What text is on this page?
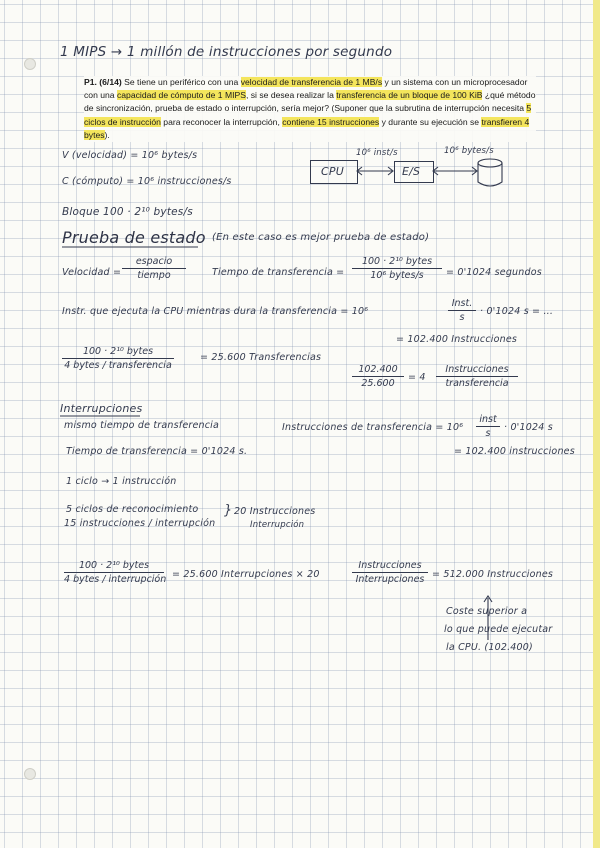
1 MIPS → 1 millón de instrucciones por segundo
P1. (6/14) Se tiene un periférico con una velocidad de transferencia de 1 MB/s y un sistema con un microprocesador con una capacidad de cómputo de 1 MIPS, si se desea realizar la transferencia de un bloque de 100 KiB ¿qué método de sincronización, prueba de estado o interrupción, sería mejor? (Suponer que la subrutina de interrupción necesita 5 ciclos de instrucción para reconocer la interrupción, contiene 15 instrucciones y durante su ejecución se transfieren 4 bytes).
V (velocidad) = 10⁶ bytes/s
C (cómputo) = 10⁶ instrucciones/s
Bloque 100 · 2¹⁰ bytes/s
10⁶ inst/s	10⁶ bytes/s
CPU	E/S
Prueba de estado (En este caso es mejor prueba de estado)
Velocidad =
espacio
tiempo	Tiempo de transferencia =
100 · 2¹⁰ bytes
10⁶ bytes/s	= 0'1024 segundos
Instr. que ejecuta la CPU mientras dura la transferencia = 10⁶
Inst.
s
· 0'1024 s = ...
= 102.400 Instrucciones
100 · 2¹⁰ bytes
4 bytes / transferencia
= 25.600 Transferencias
102.400
25.600
= 4
Instrucciones
transferencia
Interrupciones
mismo tiempo de transferencia	Instrucciones de transferencia = 10⁶
inst
s
· 0'1024 s
= 102.400 instrucciones
Tiempo de transferencia = 0'1024 s.
1 ciclo → 1 instrucción
5 ciclos de reconocimiento
15 instrucciones / interrupción
} 20 Instrucciones
Interrupción
100 · 2¹⁰ bytes
4 bytes / interrupción = 25.600 Interrupciones × 20
Instrucciones
Interrupciones = 512.000 Instrucciones
Coste superior a
lo que puede ejecutar
la CPU. (102.400)
